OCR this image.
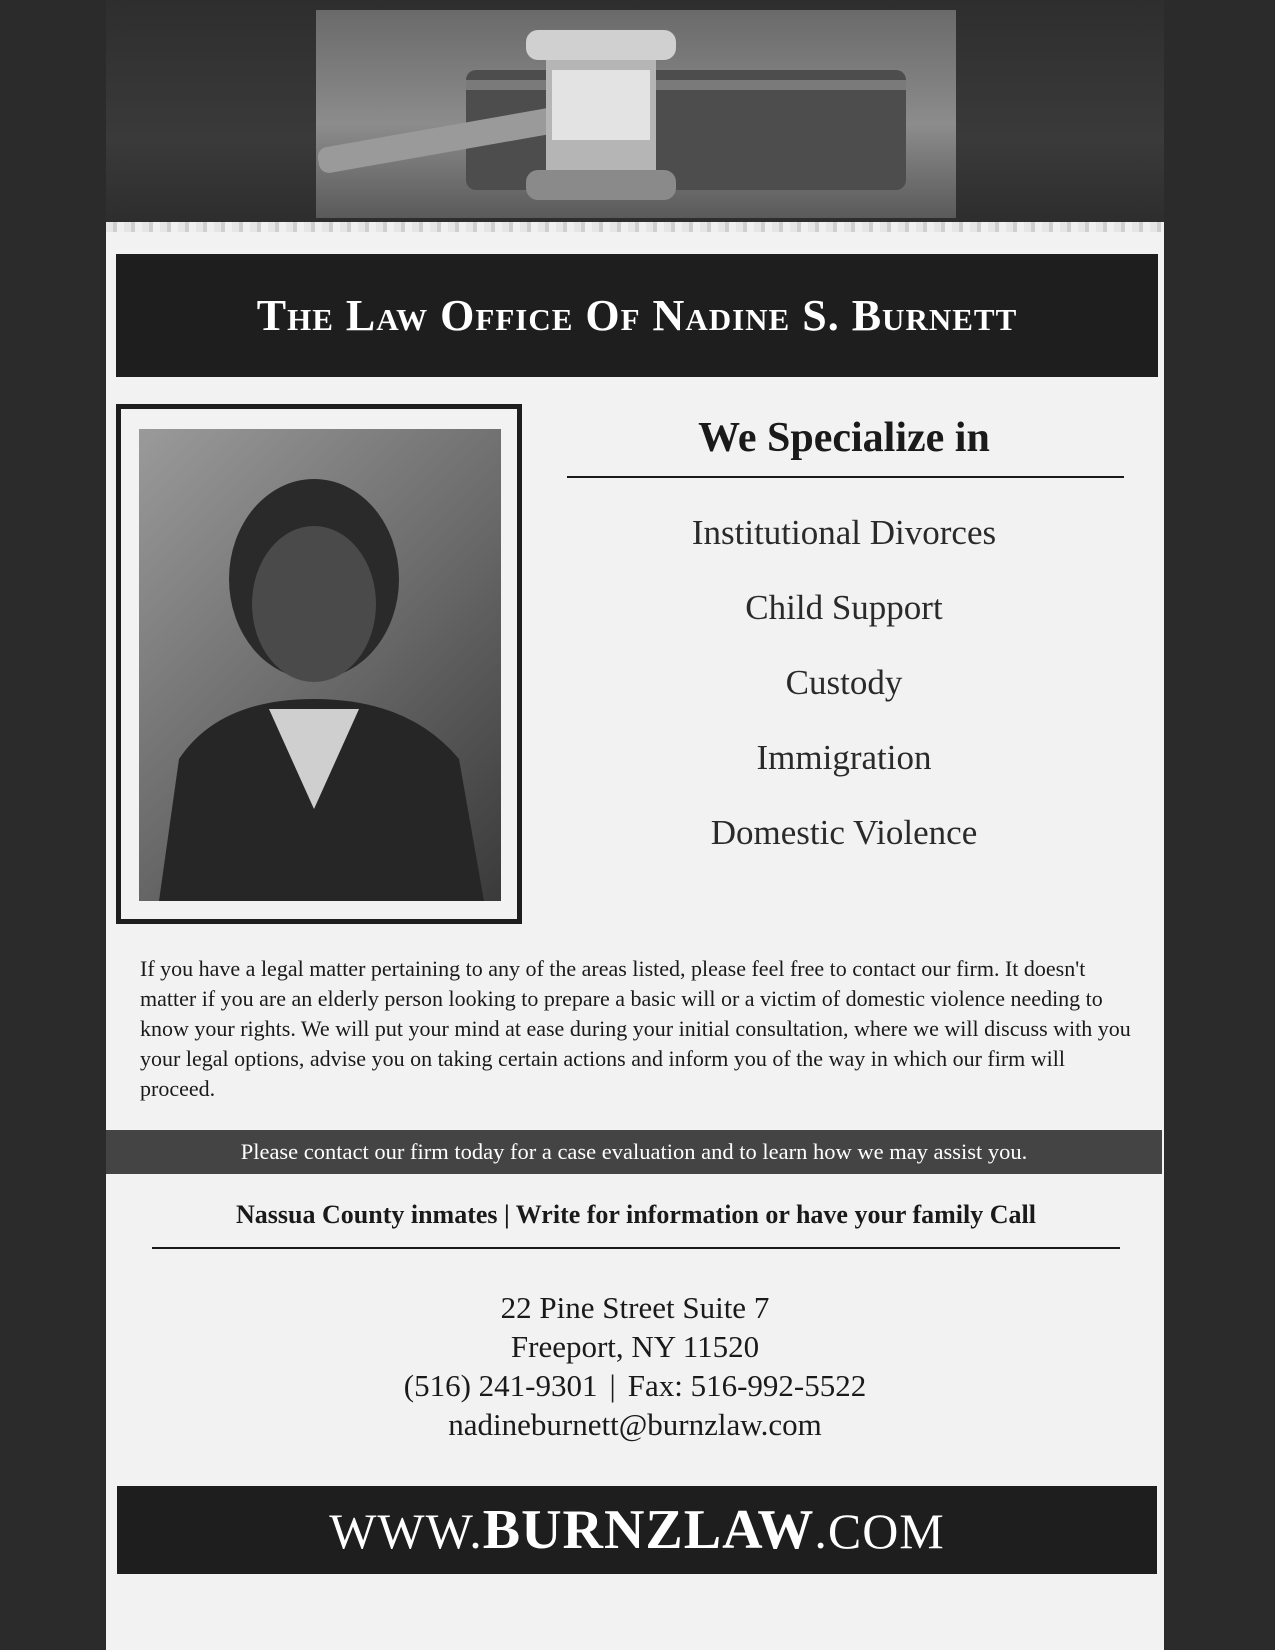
The Law Office Of Nadine S. Burnett
We Specialize in
Institutional Divorces
Child Support
Custody
Immigration
Domestic Violence

If you have a legal matter pertaining to any of the areas listed, please feel free to contact our firm. It doesn't matter if you are an elderly person looking to prepare a basic will or a victim of domestic violence needing to know your rights. We will put your mind at ease during your initial consultation, where we will discuss with you your legal options, advise you on taking certain actions and inform you of the way in which our firm will proceed.

Please contact our firm today for a case evaluation and to learn how we may assist you.
Nassua County inmates | Write for information or have your family Call
22 Pine Street Suite 7
Freeport, NY 11520
(516) 241-9301 | Fax: 516-992-5522
nadineburnett@burnzlaw.com
WWW.BURNZLAW.COM
